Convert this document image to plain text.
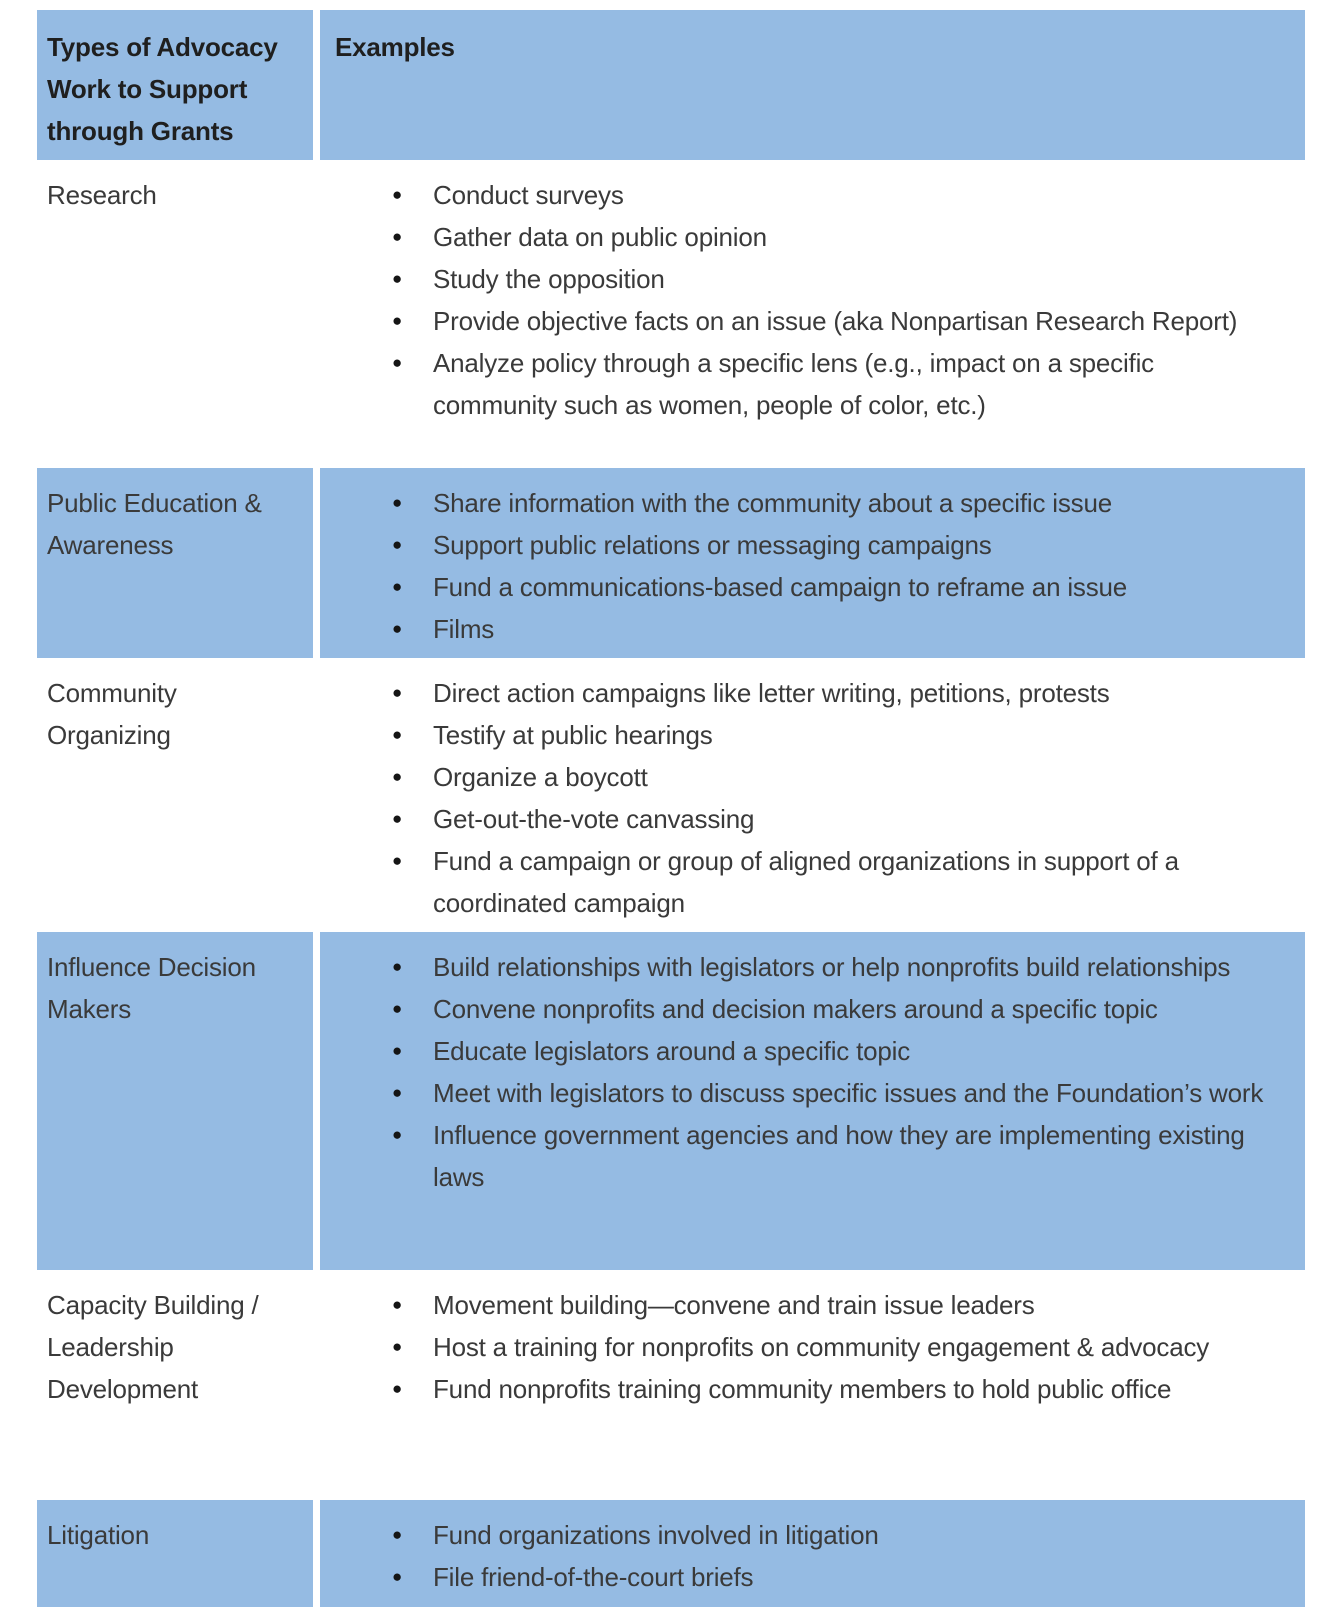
Types of Advocacy Work to Support through Grants
Examples
Research	● Conduct surveys
● Gather data on public opinion
● Study the opposition
● Provide objective facts on an issue (aka Nonpartisan Research Report)
● Analyze policy through a specific lens (e.g., impact on a specific community such as women, people of color, etc.)
Public Education & Awareness
● Share information with the community about a specific issue
● Support public relations or messaging campaigns
● Fund a communications-based campaign to reframe an issue
● Films
Community Organizing
● Direct action campaigns like letter writing, petitions, protests
● Testify at public hearings
● Organize a boycott
● Get-out-the-vote canvassing
● Fund a campaign or group of aligned organizations in support of a coordinated campaign
Influence Decision Makers
● Build relationships with legislators or help nonprofits build relationships
● Convene nonprofits and decision makers around a specific topic
● Educate legislators around a specific topic
● Meet with legislators to discuss specific issues and the Foundation’s work
● Influence government agencies and how they are implementing existing laws
Capacity Building / Leadership Development
● Movement building—convene and train issue leaders
● Host a training for nonprofits on community engagement & advocacy
● Fund nonprofits training community members to hold public office
Litigation	● Fund organizations involved in litigation
● File friend-of-the-court briefs
